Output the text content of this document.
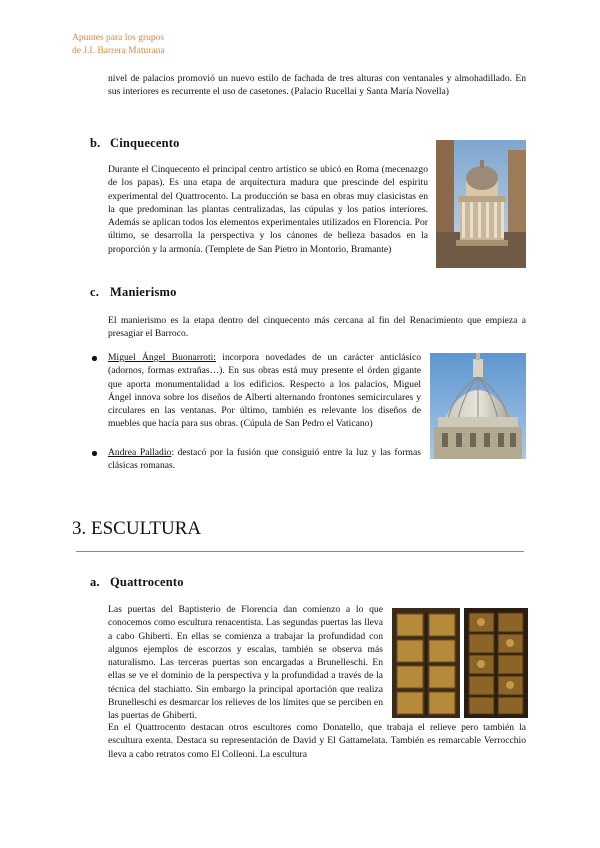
Apuntes para los grupos
de J.I. Barrera Maturana

nivel de palacios promovió un nuevo estilo de fachada de tres alturas con ventanales y almohadillado. En sus interiores es recurrente el uso de casetones. (Palacio Rucellai y Santa María Novella)

b. Cinquecento

Durante el Cinquecento el principal centro artístico se ubicó en Roma (mecenazgo de los papas). Es una etapa de arquitectura madura que prescinde del espíritu experimental del Quattrocento. La producción se basa en obras muy clasicistas en la que predominan las plantas centralizadas, las cúpulas y los patios interiores. Además se aplican todos los elementos experimentales utilizados en Florencia. Por último, se desarrolla la perspectiva y los cánones de belleza basados en la proporción y la armonía. (Templete de San Pietro in Montorio, Bramante)

c. Manierismo

El manierismo es la etapa dentro del cinquecento más cercana al fin del Renacimiento que empieza a presagiar el Barroco.

Miguel Ángel Buonarroti: incorpora novedades de un carácter anticlásico (adornos, formas extrañas…). En sus obras está muy presente el órden gigante que aporta monumentalidad a los edificios. Respecto a los palacios, Miguel Ángel innova sobre los diseños de Alberti alternando frontones semicirculares y circulares en las ventanas. Por último, también es relevante los diseños de muebles que hacía para sus obras. (Cúpula de San Pedro el Vaticano)

Andrea Palladio: destacó por la fusión que consiguió entre la luz y las formas clásicas romanas.

3. ESCULTURA
a. Quattrocento

Las puertas del Baptisterio de Florencia dan comienzo a lo que conocemos como escultura renacentista. Las segundas puertas las lleva a cabo Ghiberti. En ellas se comienza a trabajar la profundidad con algunos ejemplos de escorzos y escalas, también se observa más naturalismo. Las terceras puertas son encargadas a Brunelleschi. En ellas se ve el dominio de la perspectiva y la profundidad a través de la técnica del stachiatto. Sin embargo la principal aportación que realiza Brunelleschi es desmarcar los relieves de los límites que se perciben en las puertas de Ghiberti.

En el Quattrocento destacan otros escultores como Donatello, que trabaja el relieve pero también la escultura exenta. Destaca su representación de David y El Gattamelata. También es remarcable Verrocchio lleva a cabo retratos como El Colleoni. La escultura
